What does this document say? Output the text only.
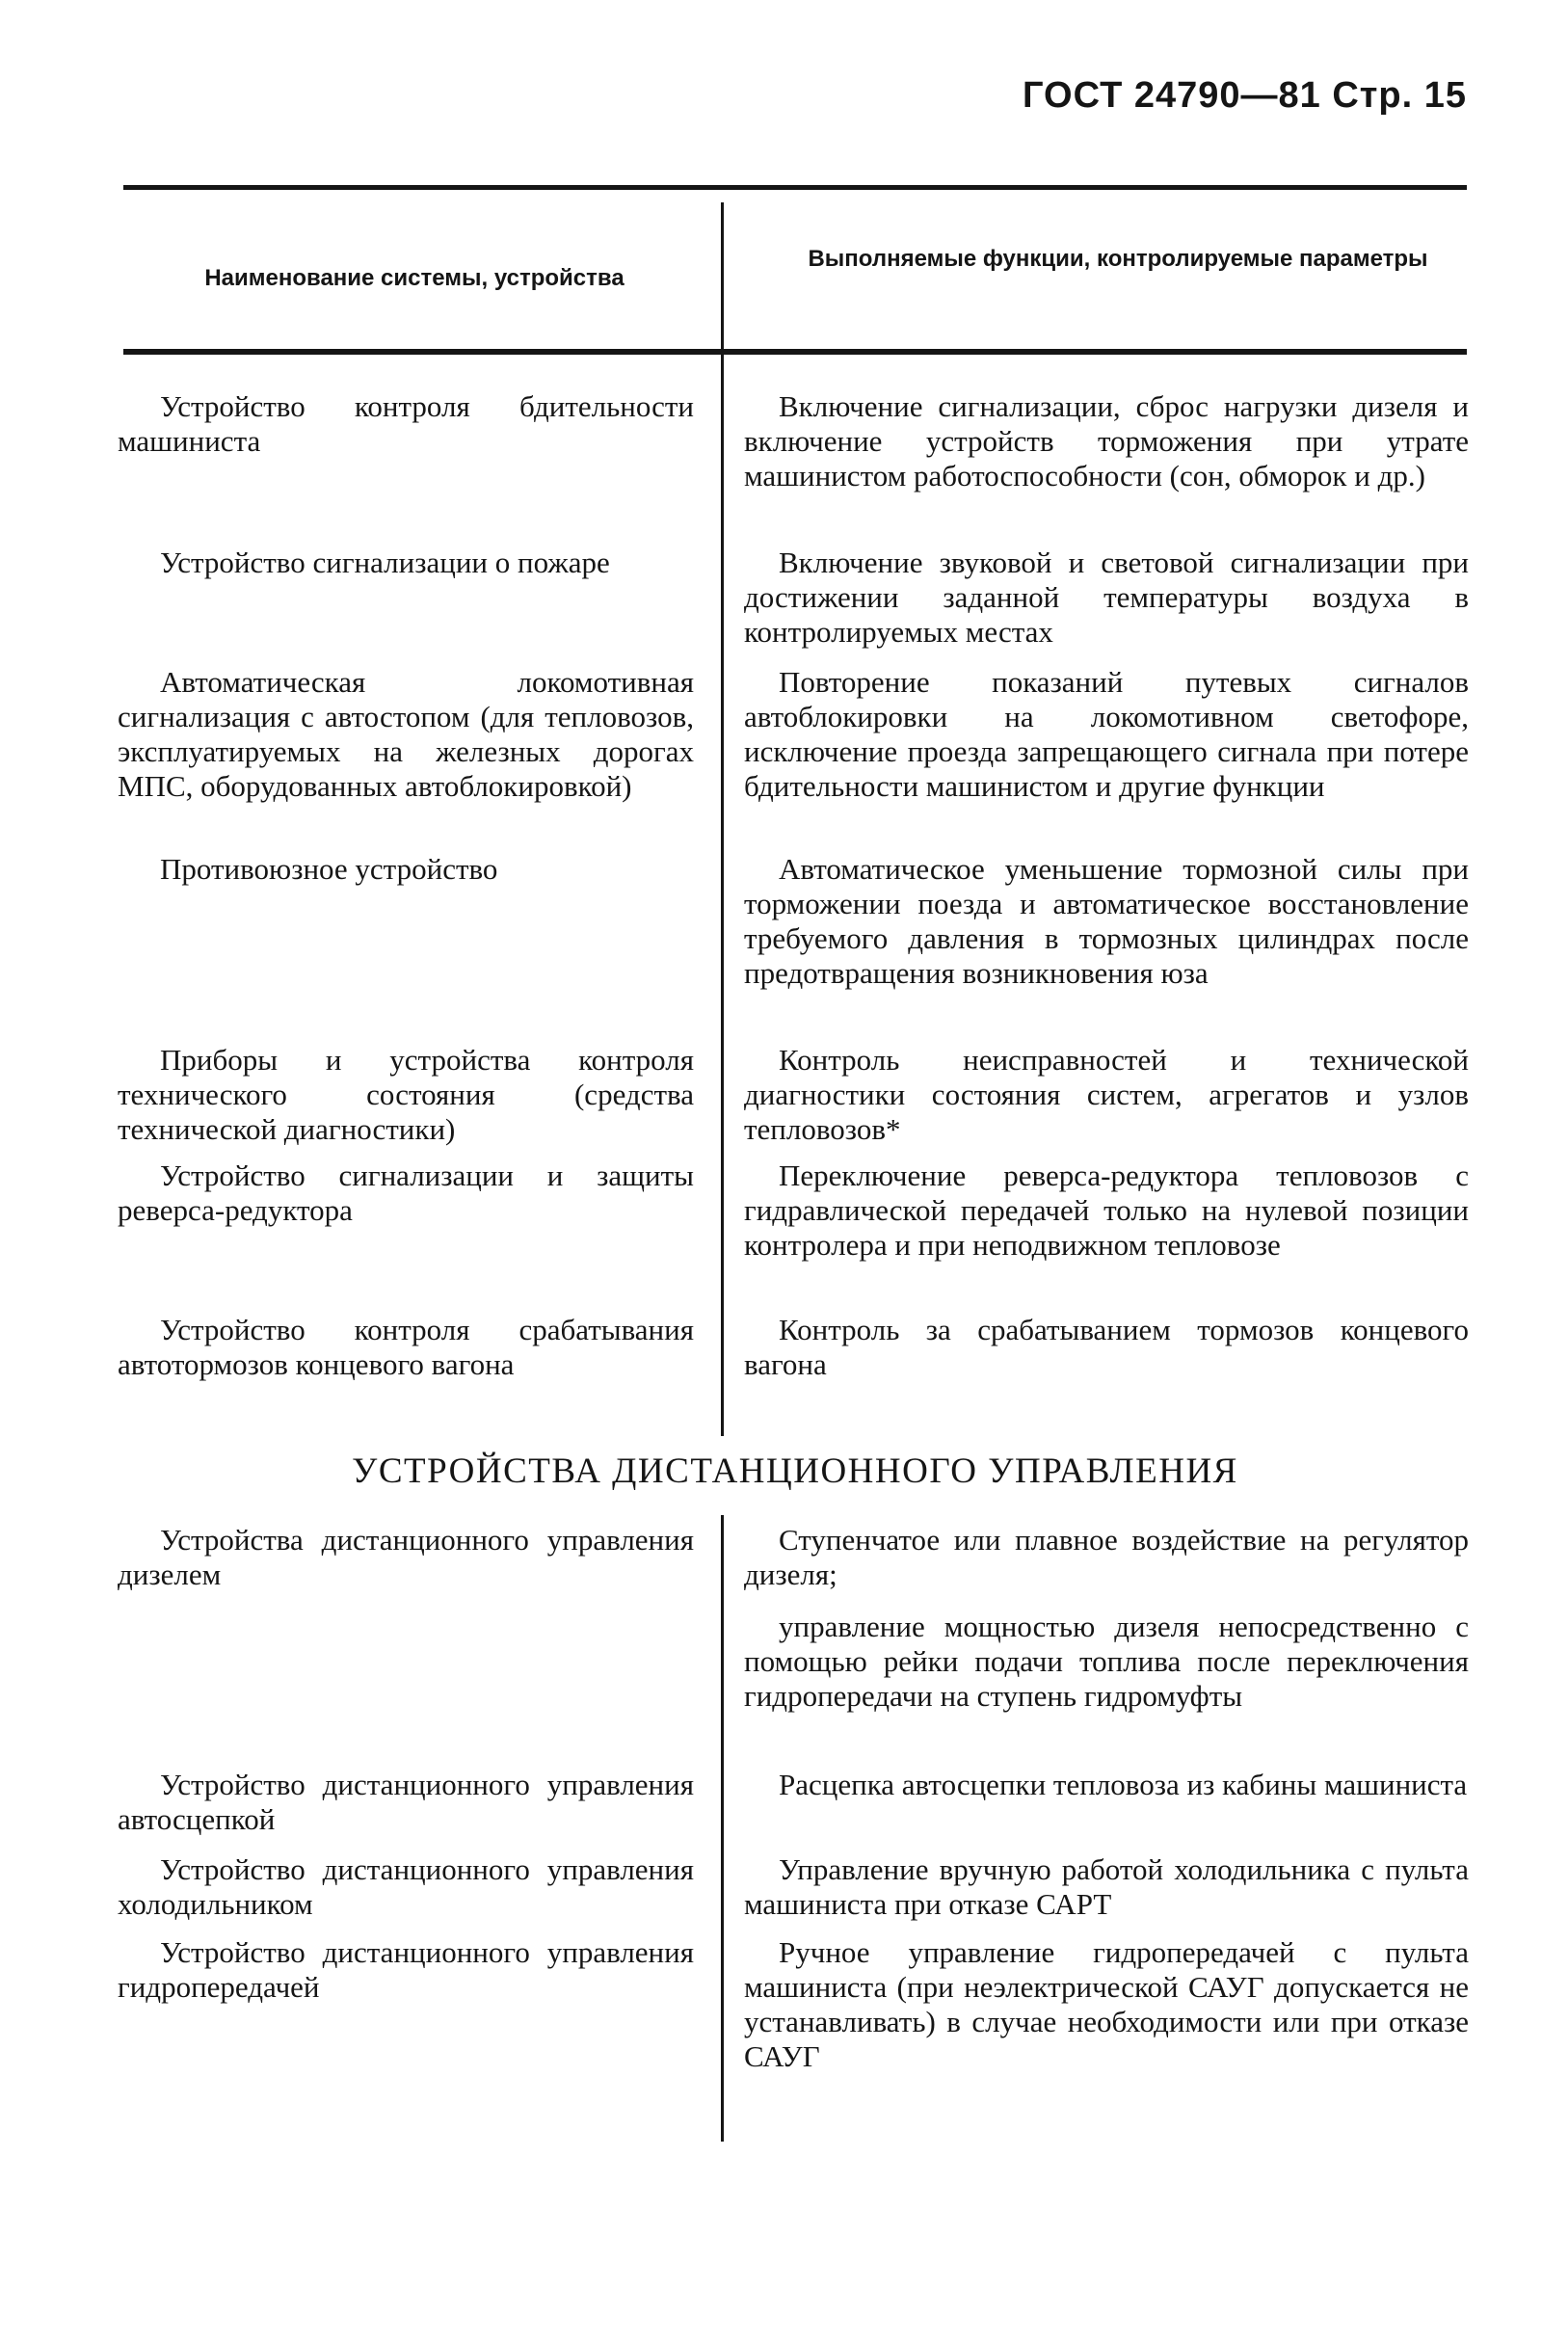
ГОСТ 24790—81 Стр. 15
Наименование системы, устройства
Выполняемые функции, контролируемые параметры
Устройство контроля бдительности машиниста
Включение сигнализации, сброс нагрузки дизеля и включение устройств торможения при утрате машинистом работоспособности (сон, обморок и др.)
Устройство сигнализации о пожаре	Включение звуковой и световой сигнализации при достижении заданной температуры воздуха в контролируемых местах
Автоматическая локомотивная сигнализация с автостопом (для тепловозов, эксплуатируемых на железных дорогах МПС, оборудованных автоблокировкой)
Повторение показаний путевых сигналов автоблокировки на локомотивном светофоре, исключение проезда запрещающего сигнала при потере бдительности машинистом и другие функции
Противоюзное устройство	Автоматическое уменьшение тормозной силы при торможении поезда и автоматическое восстановление требуемого давления в тормозных цилиндрах после предотвращения возникновения юза
Приборы и устройства контроля технического состояния (средства технической диагностики)
Контроль неисправностей и технической диагностики состояния систем, агрегатов и узлов тепловозов*
Устройство сигнализации и защиты реверса-редуктора
Переключение реверса-редуктора тепловозов с гидравлической передачей только на нулевой позиции контролера и при неподвижном тепловозе
Устройство контроля срабатывания автотормозов концевого вагона
Контроль за срабатыванием тормозов концевого вагона
УСТРОЙСТВА ДИСТАНЦИОННОГО УПРАВЛЕНИЯ
Устройства дистанционного управления дизелем
Ступенчатое или плавное воздействие на регулятор дизеля;
управление мощностью дизеля непосредственно с помощью рейки подачи топлива после переключения гидропередачи на ступень гидромуфты
Устройство дистанционного управления автосцепкой
Расцепка автосцепки тепловоза из кабины машиниста
Устройство дистанционного управления холодильником
Управление вручную работой холодильника с пульта машиниста при отказе САРТ
Устройство дистанционного управления гидропередачей
Ручное управление гидропередачей с пульта машиниста (при неэлектрической САУГ допускается не устанавливать) в случае необходимости или при отказе САУГ
